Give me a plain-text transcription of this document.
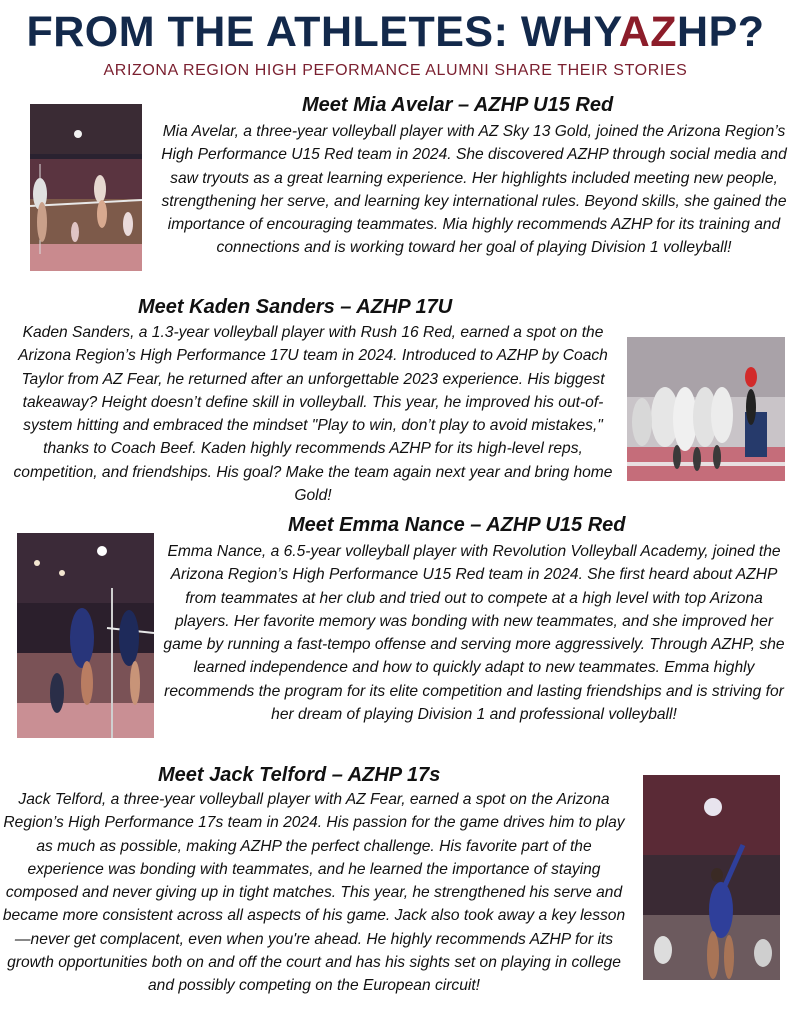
FROM THE ATHLETES: WHYAZHP?
ARIZONA REGION HIGH PEFORMANCE ALUMNI SHARE THEIR STORIES
Meet Mia Avelar – AZHP U15 Red
Mia Avelar, a three-year volleyball player with AZ Sky 13 Gold, joined the Arizona Region’s High Performance U15 Red team in 2024. She discovered AZHP through social media and saw tryouts as a great learning experience. Her highlights included meeting new people, strengthening her serve, and learning key international rules. Beyond skills, she gained the importance of encouraging teammates. Mia highly recommends AZHP for its training and connections and is working toward her goal of playing Division 1 volleyball!
Meet Kaden Sanders – AZHP 17U
Kaden Sanders, a 1.3-year volleyball player with Rush 16 Red, earned a spot on the Arizona Region’s High Performance 17U team in 2024. Introduced to AZHP by Coach Taylor from AZ Fear, he returned after an unforgettable 2023 experience. His biggest takeaway? Height doesn’t define skill in volleyball. This year, he improved his out-of-system hitting and embraced the mindset "Play to win, don’t play to avoid mistakes," thanks to Coach Beef. Kaden highly recommends AZHP for its high-level reps, competition, and friendships. His goal? Make the team again next year and bring home Gold!
Meet Emma Nance – AZHP U15 Red
Emma Nance, a 6.5-year volleyball player with Revolution Volleyball Academy, joined the Arizona Region’s High Performance U15 Red team in 2024. She first heard about AZHP from teammates at her club and tried out to compete at a high level with top Arizona players. Her favorite memory was bonding with new teammates, and she improved her game by running a fast-tempo offense and serving more aggressively. Through AZHP, she learned independence and how to quickly adapt to new teammates. Emma highly recommends the program for its elite competition and lasting friendships and is striving for her dream of playing Division 1 and professional volleyball!
Meet Jack Telford – AZHP 17s
Jack Telford, a three-year volleyball player with AZ Fear, earned a spot on the Arizona Region’s High Performance 17s team in 2024. His passion for the game drives him to play as much as possible, making AZHP the perfect challenge. His favorite part of the experience was bonding with teammates, and he learned the importance of staying composed and never giving up in tight matches. This year, he strengthened his serve and became more consistent across all aspects of his game. Jack also took away a key lesson—never get complacent, even when you're ahead. He highly recommends AZHP for its growth opportunities both on and off the court and has his sights set on playing in college and possibly competing on the European circuit!
